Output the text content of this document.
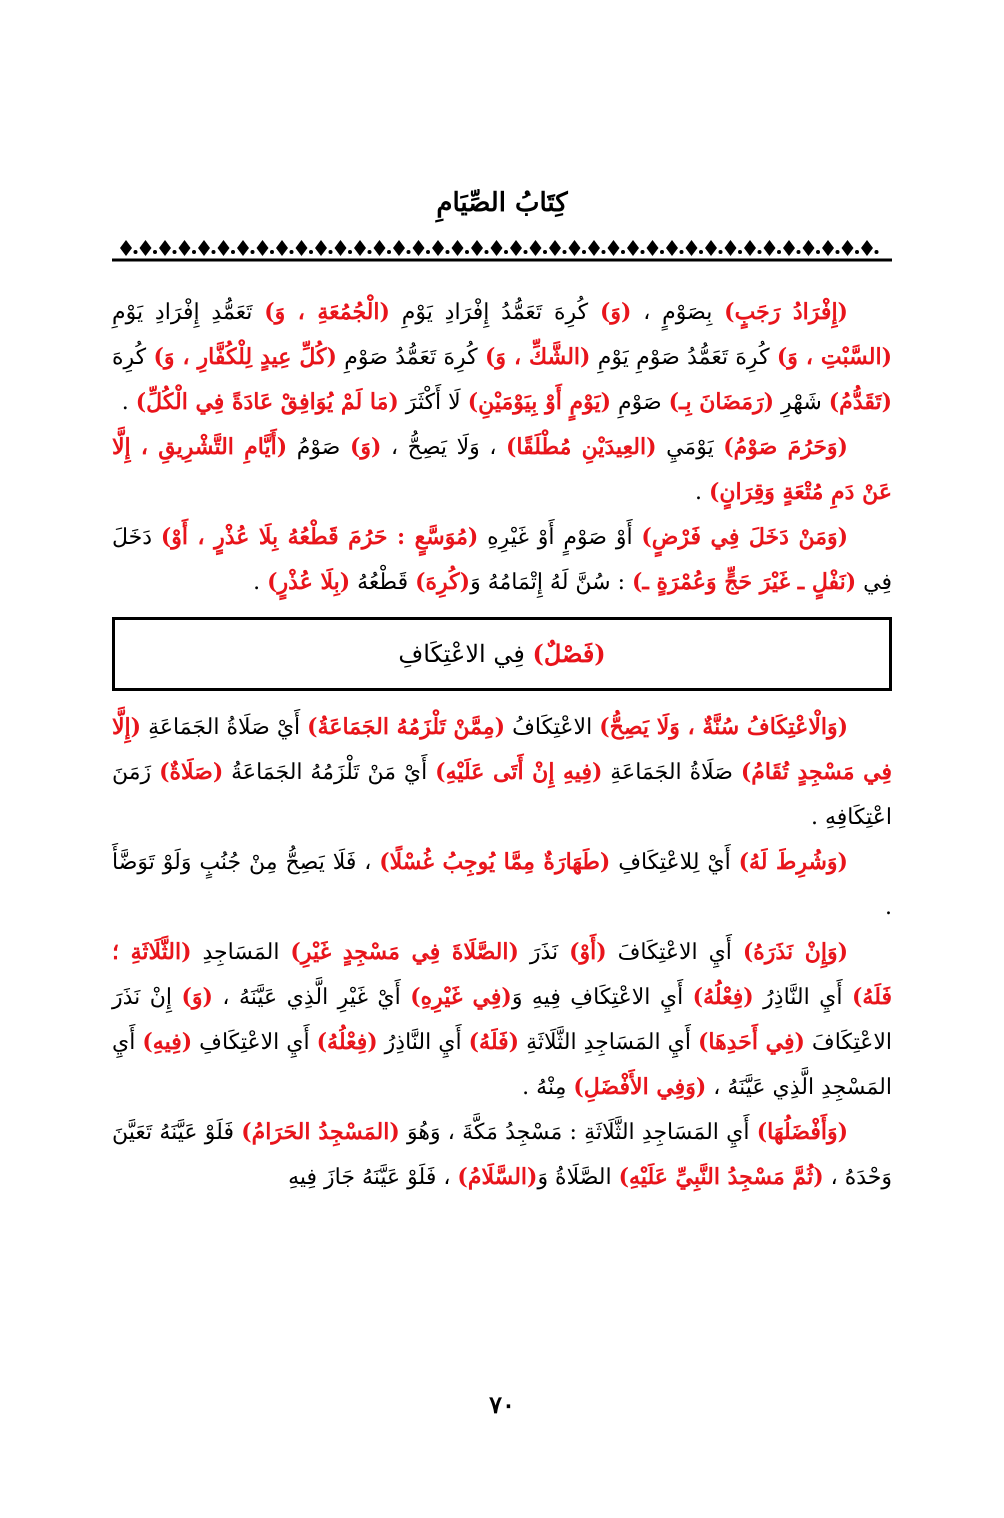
كِتَابُ الصِّيَامِ

(إِفْرَادُ رَجَبٍ) بِصَوْمٍ ، (وَ) كُرِهَ تَعَمُّدُ إِفْرَادِ يَوْمِ (الْجُمُعَةِ ، وَ) تَعَمُّدِ إِفْرَادِ يَوْمِ (السَّبْتِ ، وَ) كُرِهَ تَعَمُّدُ صَوْمِ يَوْمِ (الشَّكِّ ، وَ) كُرِهَ تَعَمُّدُ صَوْمِ (كُلِّ عِيدٍ لِلْكُفَّارِ ، وَ) كُرِهَ (تَقَدُّمُ) شَهْرِ (رَمَضَانَ بِـ) صَوْمِ (يَوْمٍ أَوْ بِيَوْمَيْنِ) لَا أَكْثَرَ (مَا لَمْ يُوَافِقْ عَادَةً فِي الْكُلِّ) .

(وَحَرُمَ صَوْمُ) يَوْمَيِ (العِيدَيْنِ مُطْلَقًا) ، وَلَا يَصِحُّ ، (وَ) صَوْمُ (أَيَّامِ التَّشْرِيقِ ، إِلَّا عَنْ دَمِ مُتْعَةٍ وَقِرَانٍ) .

(وَمَنْ دَخَلَ فِي فَرْضٍ) أَوْ صَوْمٍ أَوْ غَيْرِهِ (مُوَسَّعٍ : حَرُمَ قَطْعُهُ بِلَا عُذْرٍ ، أَوْ) دَخَلَ فِي (نَفْلٍ ـ غَيْرَ حَجٍّ وَعُمْرَةٍ ـ) : سُنَّ لَهُ إِتْمَامُهُ وَ(كُرِهَ) قَطْعُهُ (بِلَا عُذْرٍ) .

(فَصْلٌ) فِي الاعْتِكَافِ

(وَالْاعْتِكَافُ سُنَّةٌ ، وَلَا يَصِحُّ) الاعْتِكَافُ (مِمَّنْ تَلْزَمُهُ الجَمَاعَةُ) أَيْ صَلَاةُ الجَمَاعَةِ (إِلَّا فِي مَسْجِدٍ تُقَامُ) صَلَاةُ الجَمَاعَةِ (فِيهِ إِنْ أَتَى عَلَيْهِ) أَيْ مَنْ تَلْزَمُهُ الجَمَاعَةُ (صَلَاةٌ) زَمَنَ اعْتِكَافِهِ .

(وَشُرِطَ لَهُ) أَيْ لِلاعْتِكَافِ (طَهَارَةٌ مِمَّا يُوجِبُ غُسْلًا) ، فَلَا يَصِحُّ مِنْ جُنُبٍ وَلَوْ تَوَضَّأَ .

(وَإِنْ نَذَرَهُ) أَيِ الاعْتِكَافَ (أَوْ) نَذَرَ (الصَّلَاةَ فِي مَسْجِدٍ غَيْرِ) المَسَاجِدِ (الثَّلَاثَةِ ؛ فَلَهُ) أَيِ النَّاذِرُ (فِعْلُهُ) أَيِ الاعْتِكَافِ فِيهِ وَ(فِي غَيْرِهِ) أَيْ غَيْرِ الَّذِي عَيَّنَهُ ، (وَ) إِنْ نَذَرَ الاعْتِكَافَ (فِي أَحَدِهَا) أَيِ المَسَاجِدِ الثَّلَاثَةِ (فَلَهُ) أَيِ النَّاذِرُ (فِعْلُهُ) أَيِ الاعْتِكَافِ (فِيهِ) أَيِ المَسْجِدِ الَّذِي عَيَّنَهُ ، (وَفِي الأَفْضَلِ) مِنْهُ .

(وَأَفْضَلُهَا) أَيِ المَسَاجِدِ الثَّلَاثَةِ : مَسْجِدُ مَكَّةَ ، وَهُوَ (المَسْجِدُ الحَرَامُ) فَلَوْ عَيَّنَهُ تَعَيَّنَ وَحْدَهُ ، (ثُمَّ مَسْجِدُ النَّبِيِّ عَلَيْهِ) الصَّلَاةُ وَ(السَّلَامُ) ، فَلَوْ عَيَّنَهُ جَازَ فِيهِ

٧٠
